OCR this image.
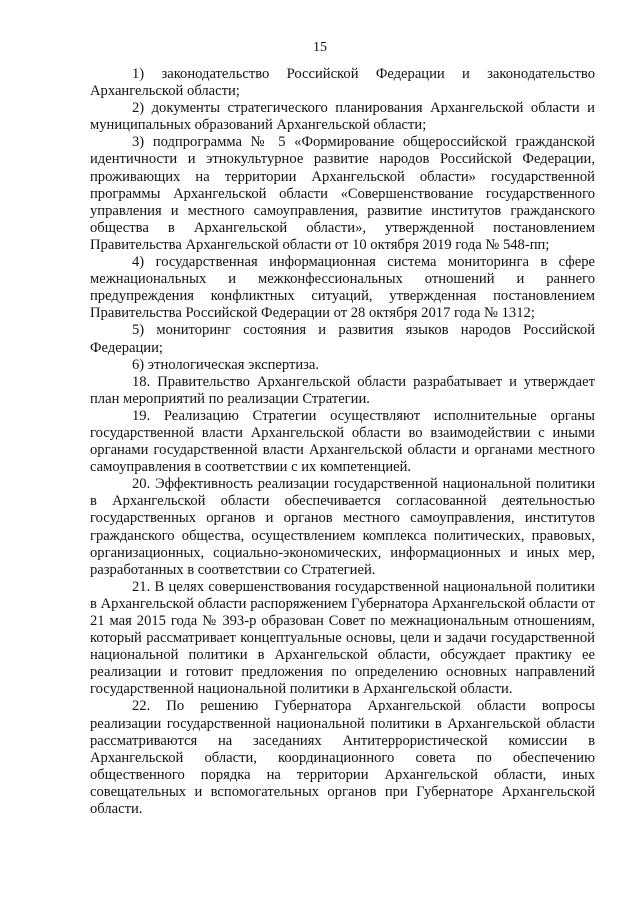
15

1) законодательство Российской Федерации и законодательство Архангельской области;

2) документы стратегического планирования Архангельской области и муниципальных образований Архангельской области;

3) подпрограмма № 5 «Формирование общероссийской гражданской идентичности и этнокультурное развитие народов Российской Федерации, проживающих на территории Архангельской области» государственной программы Архангельской области «Совершенствование государственного управления и местного самоуправления, развитие институтов гражданского общества в Архангельской области», утвержденной постановлением Правительства Архангельской области от 10 октября 2019 года № 548-пп;

4) государственная информационная система мониторинга в сфере межнациональных и межконфессиональных отношений и раннего предупреждения конфликтных ситуаций, утвержденная постановлением Правительства Российской Федерации от 28 октября 2017 года № 1312;

5) мониторинг состояния и развития языков народов Российской Федерации;

6) этнологическая экспертиза.

18. Правительство Архангельской области разрабатывает и утверждает план мероприятий по реализации Стратегии.

19. Реализацию Стратегии осуществляют исполнительные органы государственной власти Архангельской области во взаимодействии с иными органами государственной власти Архангельской области и органами местного самоуправления в соответствии с их компетенцией.

20. Эффективность реализации государственной национальной политики в Архангельской области обеспечивается согласованной деятельностью государственных органов и органов местного самоуправления, институтов гражданского общества, осуществлением комплекса политических, правовых, организационных, социально-экономических, информационных и иных мер, разработанных в соответствии со Стратегией.

21. В целях совершенствования государственной национальной политики в Архангельской области распоряжением Губернатора Архангельской области от 21 мая 2015 года № 393-р образован Совет по межнациональным отношениям, который рассматривает концептуальные основы, цели и задачи государственной национальной политики в Архангельской области, обсуждает практику ее реализации и готовит предложения по определению основных направлений государственной национальной политики в Архангельской области.

22. По решению Губернатора Архангельской области вопросы реализации государственной национальной политики в Архангельской области рассматриваются на заседаниях Антитеррористической комиссии в Архангельской области, координационного совета по обеспечению общественного порядка на территории Архангельской области, иных совещательных и вспомогательных органов при Губернаторе Архангельской области.
